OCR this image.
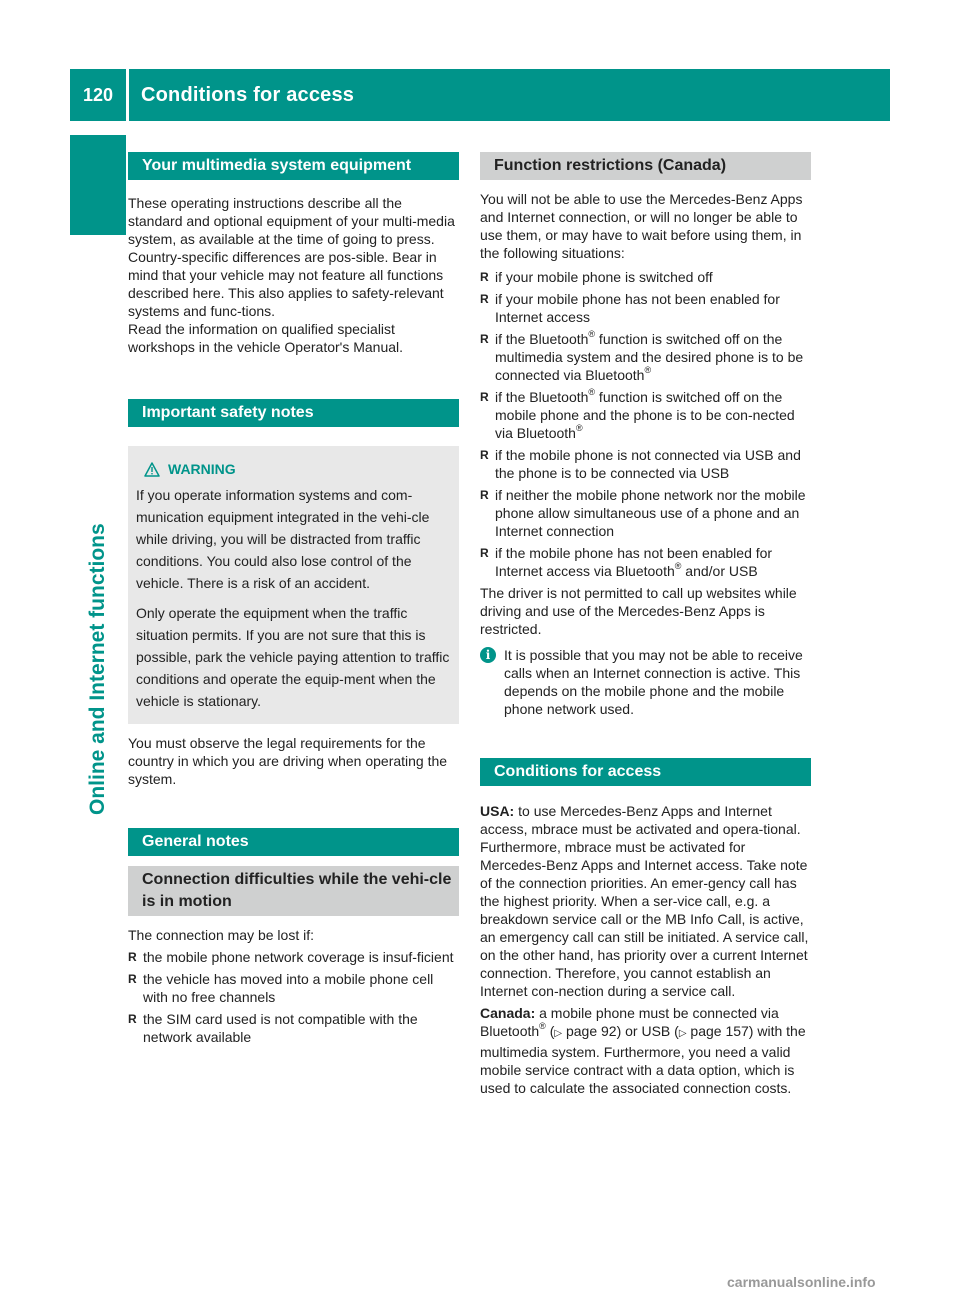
120	Conditions for access
Online and Internet functions
Your multimedia system equipment

These operating instructions describe all the standard and optional equipment of your multi-media system, as available at the time of going to press. Country-specific differences are pos-sible. Bear in mind that your vehicle may not feature all functions described here. This also applies to safety-relevant systems and func-tions.

Read the information on qualified specialist workshops in the vehicle Operator's Manual.

Important safety notes
WARNING

If you operate information systems and com-munication equipment integrated in the vehi-cle while driving, you will be distracted from traffic conditions. You could also lose control of the vehicle. There is a risk of an accident.

Only operate the equipment when the traffic situation permits. If you are not sure that this is possible, park the vehicle paying attention to traffic conditions and operate the equip-ment when the vehicle is stationary.

You must observe the legal requirements for the country in which you are driving when operating the system.

General notes
Connection difficulties while the vehi-cle is in motion

The connection may be lost if:

R the mobile phone network coverage is insuf-ficient
R the vehicle has moved into a mobile phone cell with no free channels
R the SIM card used is not compatible with the network available
Function restrictions (Canada)

You will not be able to use the Mercedes-Benz Apps and Internet connection, or will no longer be able to use them, or may have to wait before using them, in the following situations:

R if your mobile phone is switched off
R if your mobile phone has not been enabled for Internet access
R if the Bluetooth® function is switched off on the multimedia system and the desired phone is to be connected via Bluetooth®
R if the Bluetooth® function is switched off on the mobile phone and the phone is to be con-nected via Bluetooth®
R if the mobile phone is not connected via USB and the phone is to be connected via USB
R if neither the mobile phone network nor the mobile phone allow simultaneous use of a phone and an Internet connection
R if the mobile phone has not been enabled for Internet access via Bluetooth® and/or USB

The driver is not permitted to call up websites while driving and use of the Mercedes-Benz Apps is restricted.

i It is possible that you may not be able to receive calls when an Internet connection is active. This depends on the mobile phone and the mobile phone network used.

Conditions for access

USA: to use Mercedes-Benz Apps and Internet access, mbrace must be activated and opera-tional. Furthermore, mbrace must be activated for Mercedes-Benz Apps and Internet access. Take note of the connection priorities. An emer-gency call has the highest priority. When a ser-vice call, e.g. a breakdown service call or the MB Info Call, is active, an emergency call can still be initiated. A service call, on the other hand, has priority over a current Internet connection. Therefore, you cannot establish an Internet con-nection during a service call.

Canada: a mobile phone must be connected via Bluetooth® (▷ page 92) or USB (▷ page 157) with the multimedia system. Furthermore, you need a valid mobile service contract with a data option, which is used to calculate the associated connection costs.

carmanualsonline.info
